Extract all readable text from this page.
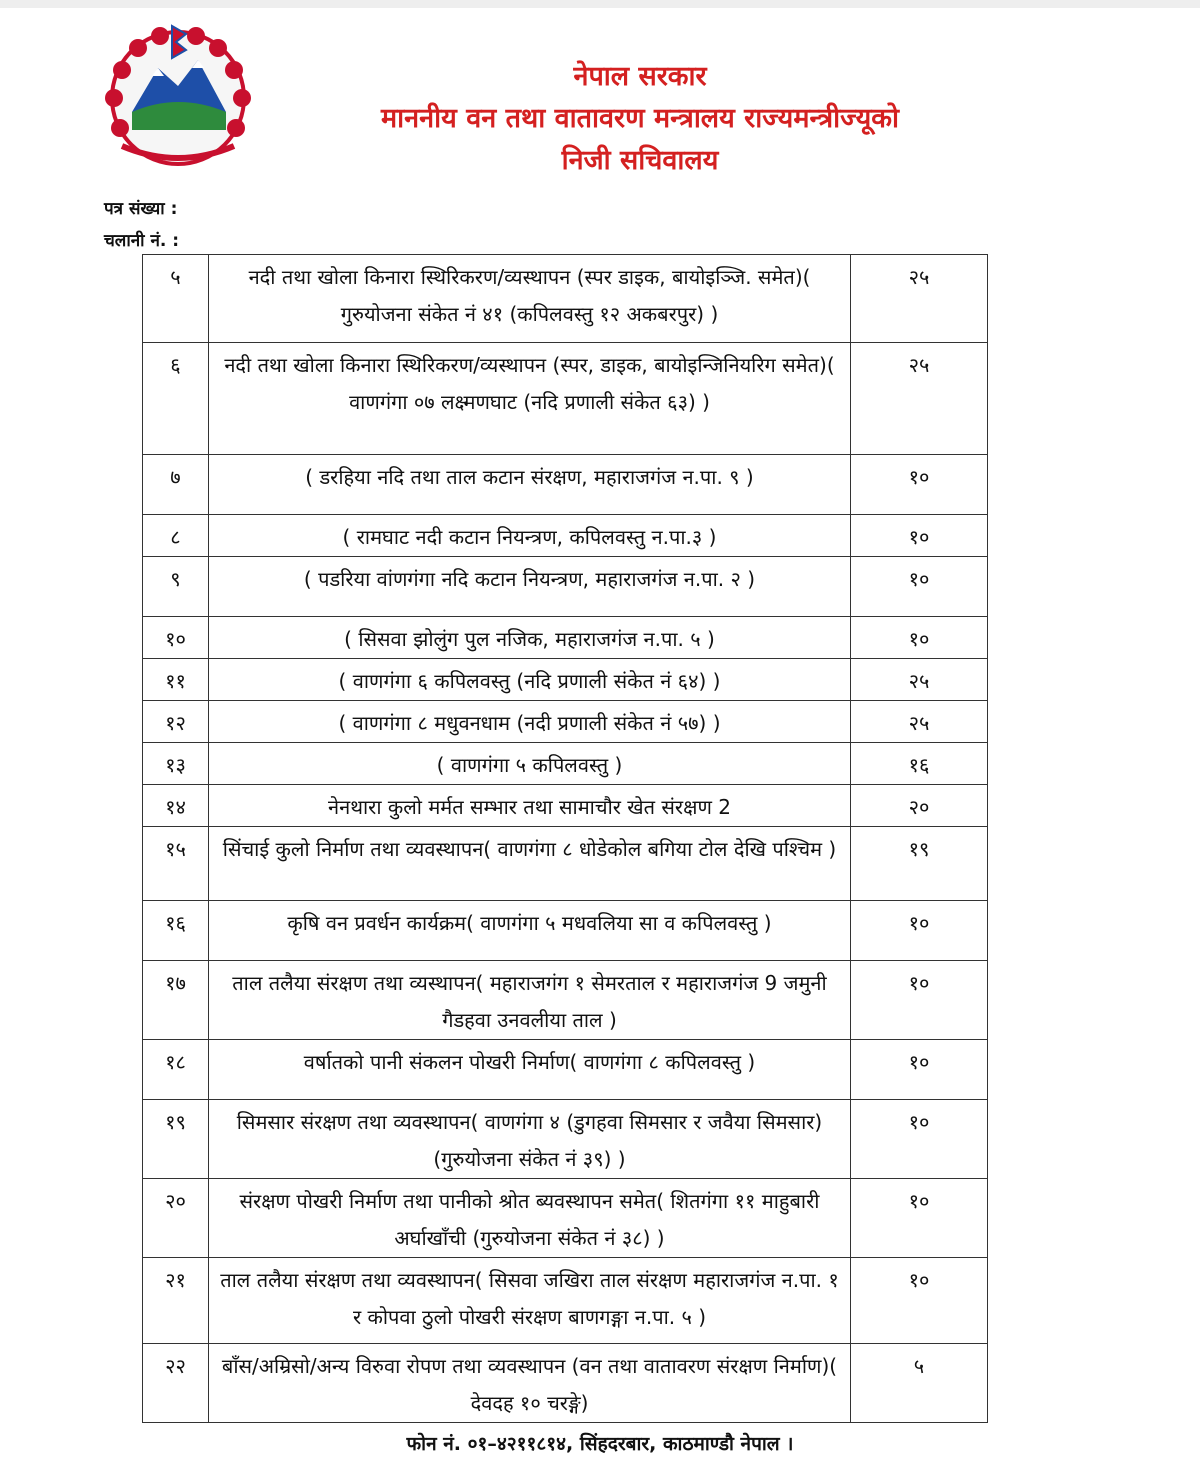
नेपाल सरकार
माननीय वन तथा वातावरण मन्त्रालय राज्यमन्त्रीज्यूको
निजी सचिवालय
पत्र संख्या :
चलानी नं. :
५	नदी तथा खोला किनारा स्थिरिकरण/व्यस्थापन (स्पर डाइक, बायोइञ्जि. समेत)( गुरुयोजना संकेत नं ४१ (कपिलवस्तु १२ अकबरपुर) )	२५
६	नदी तथा खोला किनारा स्थिरिकरण/व्यस्थापन (स्पर, डाइक, बायोइन्जिनियरिग समेत)( वाणगंगा ०७ लक्ष्मणघाट (नदि प्रणाली संकेत ६३) )	२५
७	( डरहिया नदि तथा ताल कटान संरक्षण, महाराजगंज न.पा. ९ )	१०
८	( रामघाट नदी कटान नियन्त्रण, कपिलवस्तु न.पा.३ )	१०
९	( पडरिया वांणगंगा नदि कटान नियन्त्रण, महाराजगंज न.पा. २ )	१०
१०	( सिसवा झोलुंग पुल नजिक, महाराजगंज न.पा. ५ )	१०
११	( वाणगंगा ६ कपिलवस्तु (नदि प्रणाली संकेत नं ६४) )	२५
१२	( वाणगंगा ८ मधुवनधाम (नदी प्रणाली संकेत नं ५७) )	२५
१३	( वाणगंगा ५ कपिलवस्तु )	१६
१४	नेनथारा कुलो मर्मत सम्भार तथा सामाचौर खेत संरक्षण 2	२०
१५	सिंचाई कुलो निर्माण तथा व्यवस्थापन( वाणगंगा ८ धोडेकोल बगिया टोल देखि पश्चिम )	१९
१६	कृषि वन प्रवर्धन कार्यक्रम( वाणगंगा ५ मधवलिया सा व कपिलवस्तु )	१०
१७	ताल तलैया संरक्षण तथा व्यस्थापन( महाराजगंग १ सेमरताल र महाराजगंज 9 जमुनी गैडहवा उनवलीया ताल )	१०
१८	वर्षातको पानी संकलन पोखरी निर्माण( वाणगंगा ८ कपिलवस्तु )	१०
१९	सिमसार संरक्षण तथा व्यवस्थापन( वाणगंगा ४ (डुगहवा सिमसार र जवैया सिमसार) (गुरुयोजना संकेत नं ३९) )	१०
२०	संरक्षण पोखरी निर्माण तथा पानीको श्रोत ब्यवस्थापन समेत( शितगंगा ११ माहुबारी अर्घाखाँची (गुरुयोजना संकेत नं ३८) )	१०
२१	ताल तलैया संरक्षण तथा व्यवस्थापन( सिसवा जखिरा ताल संरक्षण महाराजगंज न.पा. १ र कोपवा ठुलो पोखरी संरक्षण बाणगङ्गा न.पा. ५ )	१०
२२	बाँस/अम्रिसो/अन्य विरुवा रोपण तथा व्यवस्थापन (वन तथा वातावरण संरक्षण निर्माण)( देवदह १० चरङ्गे)	५
फोन नं. ०१–४२११८१४, सिंहदरबार, काठमाण्डौ नेपाल ।
